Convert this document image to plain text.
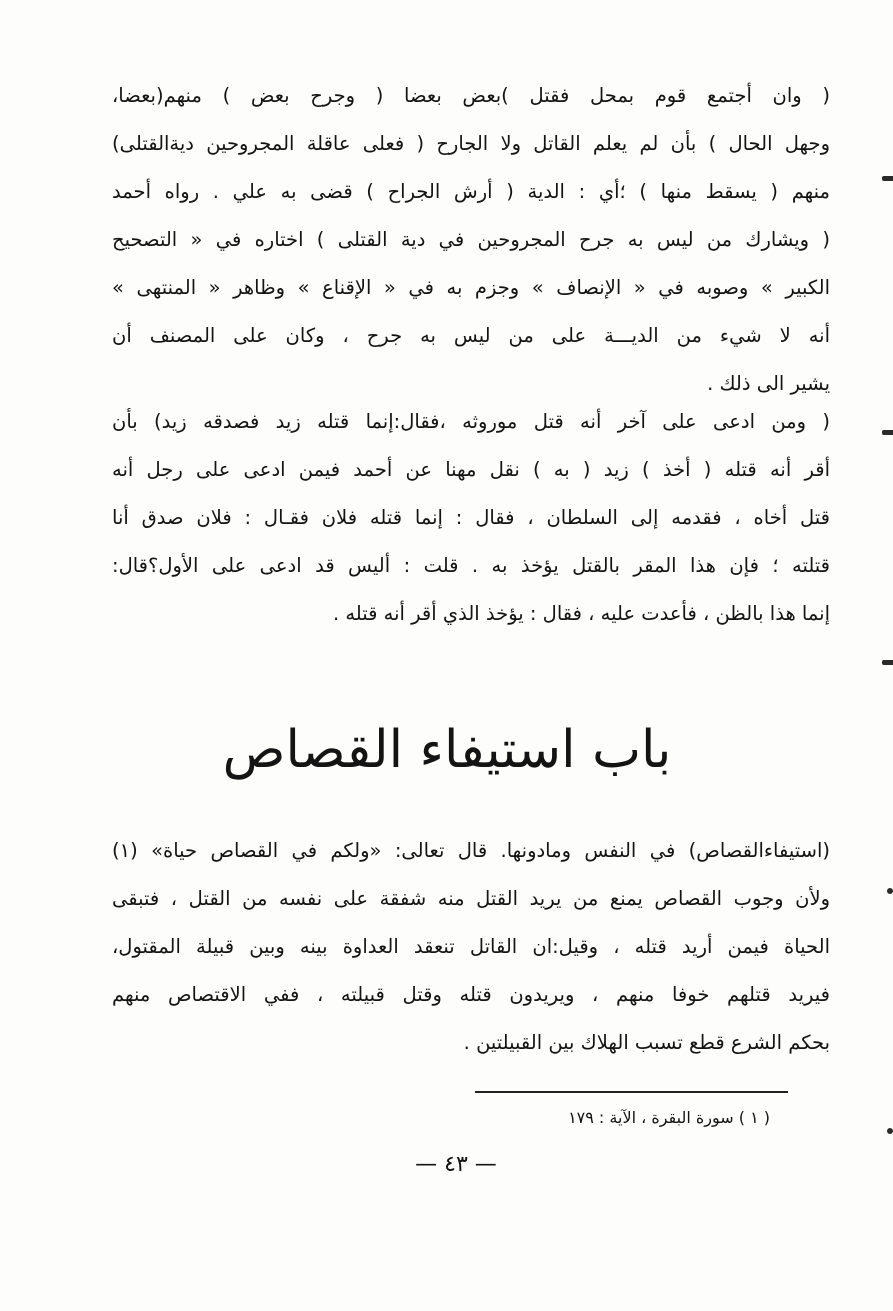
( وان أجتمع قوم بمحل فقتل )بعض بعضا ( وجرح بعض ) منهم(بعضا،
وجهل الحال ) بأن لم يعلم القاتل ولا الجارح ( فعلى عاقلة المجروحين ديةالقتلى)
منهم ( يسقط منها ) ؛أي : الدية ( أرش الجراح ) قضى به علي . رواه أحمد
( ويشارك من ليس به جرح المجروحين في دية القتلى ) اختاره في « التصحيح
الكبير » وصوبه في « الإنصاف » وجزم به في « الإقناع » وظاهر « المنتهى »
أنه لا شيء من الديـــة على من ليس به جرح ، وكان على المصنف أن
يشير الى ذلك .
( ومن ادعى على آخر أنه قتل موروثه ،فقال:إنما قتله زيد فصدقه زيد) بأن
أقر أنه قتله ( أخذ ) زيد ( به ) نقل مهنا عن أحمد فيمن ادعى على رجل أنه
قتل أخاه ، فقدمه إلى السلطان ، فقال : إنما قتله فلان فقـال : فلان صدق أنا
قتلته ؛ فإن هذا المقر بالقتل يؤخذ به . قلت : أليس قد ادعى على الأول؟قال:
إنما هذا بالظن ، فأعدت عليه ، فقال : يؤخذ الذي أقر أنه قتله .
باب استيفاء القصاص
(استيفاءالقصاص) في النفس ومادونها. قال تعالى: «ولكم في القصاص حياة» (١)
ولأن وجوب القصاص يمنع من يريد القتل منه شفقة على نفسه من القتل ، فتبقى
الحياة فيمن أريد قتله ، وقيل:ان القاتل تنعقد العداوة بينه وبين قبيلة المقتول،
فيريد قتلهم خوفا منهم ، ويريدون قتله وقتل قبيلته ، ففي الاقتصاص منهم
بحكم الشرع قطع تسبب الهلاك بين القبيلتين .
( ١ ) سورة البقرة ، الآية : ١٧٩
— ٤٣ —
